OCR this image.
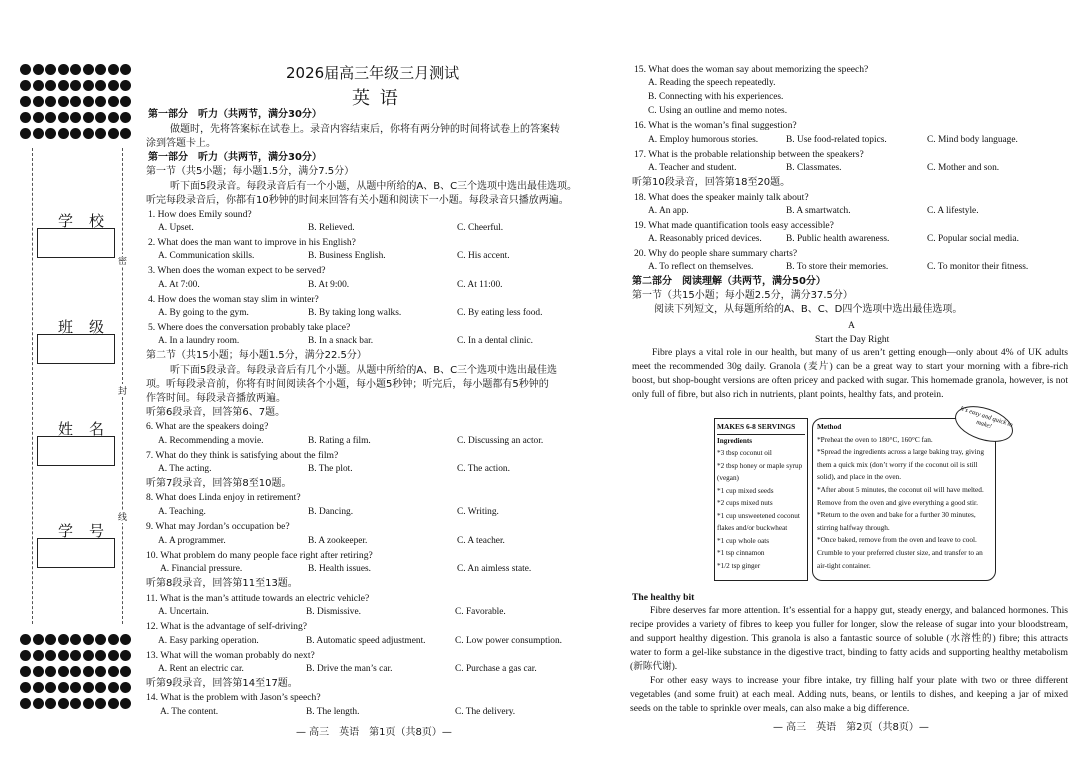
密
封
线
学校
班级
姓名
学号
2026届高三年级三月测试
英 语
第一部分　听力（共两节，满分30分）
做题时，先将答案标在试卷上。录音内容结束后，你将有两分钟的时间将试卷上的答案转
涂到答题卡上。
第一部分　听力（共两节，满分30分）
第一节（共5小题；每小题1.5分，满分7.5分）
听下面5段录音。每段录音后有一个小题，从题中所给的A、B、C三个选项中选出最佳选项。
听完每段录音后，你都有10秒钟的时间来回答有关小题和阅读下一小题。每段录音只播放两遍。
1. How does Emily sound?
A. Upset.	B. Relieved.	C. Cheerful.
2. What does the man want to improve in his English?
A. Communication skills.	B. Business English.	C. His accent.
3. When does the woman expect to be served?
A. At 7:00.	B. At 9:00.	C. At 11:00.
4. How does the woman stay slim in winter?
A. By going to the gym.	B. By taking long walks.	C. By eating less food.
5. Where does the conversation probably take place?
A. In a laundry room.	B. In a snack bar.	C. In a dental clinic.
第二节（共15小题；每小题1.5分，满分22.5分）
听下面5段录音。每段录音后有几个小题。从题中所给的A、B、C三个选项中选出最佳选
项。听每段录音前，你将有时间阅读各个小题，每小题5秒钟；听完后，每小题都有5秒钟的
作答时间。每段录音播放两遍。
听第6段录音，回答第6、7题。
6. What are the speakers doing?
A. Recommending a movie.	B. Rating a film.	C. Discussing an actor.
7. What do they think is satisfying about the film?
A. The acting.	B. The plot.	C. The action.
听第7段录音，回答第8至10题。
8. What does Linda enjoy in retirement?
A. Teaching.	B. Dancing.	C. Writing.
9. What may Jordan’s occupation be?
A. A programmer.	B. A zookeeper.	C. A teacher.
10. What problem do many people face right after retiring?
A. Financial pressure.	B. Health issues.	C. An aimless state.
听第8段录音，回答第11至13题。
11. What is the man’s attitude towards an electric vehicle?
A. Uncertain.	B. Dismissive.	C. Favorable.
12. What is the advantage of self-driving?
A. Easy parking operation.	B. Automatic speed adjustment.	C. Low power consumption.
13. What will the woman probably do next?
A. Rent an electric car.	B. Drive the man’s car.	C. Purchase a gas car.
听第9段录音，回答第14至17题。
14. What is the problem with Jason’s speech?
A. The content.	B. The length.	C. The delivery.
— 高三　英语　第1页（共8页）—
15. What does the woman say about memorizing the speech?
A. Reading the speech repeatedly.
B. Connecting with his experiences.
C. Using an outline and memo notes.
16. What is the woman’s final suggestion?
A. Employ humorous stories.	B. Use food-related topics.	C. Mind body language.
17. What is the probable relationship between the speakers?
A. Teacher and student.	B. Classmates.	C. Mother and son.
听第10段录音，回答第18至20题。
18. What does the speaker mainly talk about?
A. An app.	B. A smartwatch.	C. A lifestyle.
19. What made quantification tools easy accessible?
A. Reasonably priced devices.	B. Public health awareness.	C. Popular social media.
20. Why do people share summary charts?
A. To reflect on themselves.	B. To store their memories.	C. To monitor their fitness.
第二部分　阅读理解（共两节，满分50分）
第一节（共15小题；每小题2.5分，满分37.5分）
阅读下列短文，从每题所给的A、B、C、D四个选项中选出最佳选项。
A
Start the Day Right
Fibre plays a vital role in our health, but many of us aren’t getting enough—only about 4% of UK adults meet the recommended 30g daily. Granola (麦片) can be a great way to start your morning with a fibre-rich boost, but shop-bought versions are often pricey and packed with sugar. This homemade granola, however, is not only full of fibre, but also rich in nutrients, plant points, healthy fats, and protein.
MAKES 6-8 SERVINGS
Ingredients
*3 tbsp coconut oil
*2 tbsp honey or maple syrup (vegan)
*1 cup mixed seeds
*2 cups mixed nuts
*1 cup unsweetened coconut flakes and/or buckwheat
*1 cup whole oats
*1 tsp cinnamon
*1/2 tsp ginger
Method
*Preheat the oven to 180°C, 160°C fan.
*Spread the ingredients across a large baking tray, giving them a quick mix (don’t worry if the coconut oil is still solid), and place in the oven.
*After about 5 minutes, the coconut oil will have melted. Remove from the oven and give everything a good stir.
*Return to the oven and bake for a further 30 minutes, stirring halfway through.
*Once baked, remove from the oven and leave to cool. Crumble to your preferred cluster size, and transfer to an air-tight container.
It's easy and quick to make!
The healthy bit
Fibre deserves far more attention. It’s essential for a happy gut, steady energy, and balanced hormones. This recipe provides a variety of fibres to keep you fuller for longer, slow the release of sugar into your bloodstream, and support healthy digestion. This granola is also a fantastic source of soluble (水溶性的) fibre; this attracts water to form a gel-like substance in the digestive tract, binding to fatty acids and supporting healthy metabolism (新陈代谢).
For other easy ways to increase your fibre intake, try filling half your plate with two or three different vegetables (and some fruit) at each meal. Adding nuts, beans, or lentils to dishes, and keeping a jar of mixed seeds on the table to sprinkle over meals, can also make a big difference.
— 高三　英语　第2页（共8页）—
